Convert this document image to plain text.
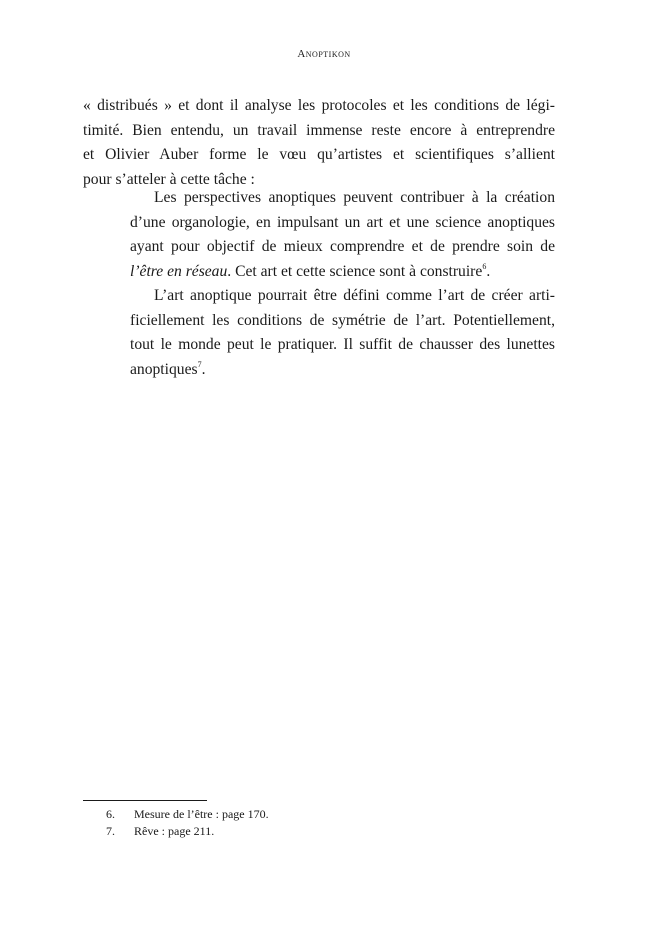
Anoptikon
« distribués » et dont il analyse les protocoles et les conditions de légi-
timité. Bien entendu, un travail immense reste encore à entreprendre
et Olivier Auber forme le vœu qu’artistes et scientifiques s’allient
pour s’atteler à cette tâche :
Les perspectives anoptiques peuvent contribuer à la création
d’une organologie, en impulsant un art et une science anoptiques
ayant pour objectif de mieux comprendre et de prendre soin de
l’être en réseau. Cet art et cette science sont à construire$^6$.
L’art anoptique pourrait être défini comme l’art de créer arti-
ficiellement les conditions de symétrie de l’art. Potentiellement,
tout le monde peut le pratiquer. Il suffit de chausser des lunettes
anoptiques$^7$.
6. Mesure de l’être : page 170.
7. Rêve : page 211.
